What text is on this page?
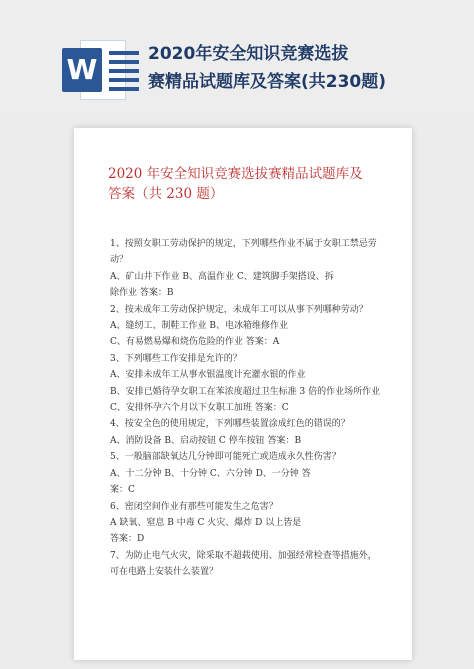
W	2020年安全知识竞赛选拔
赛精品试题库及答案(共230题)
2020 年安全知识竞赛选拔赛精品试题库及
答案（共 230 题）

1、按照女职工劳动保护的规定，下列哪些作业不属于女职工禁忌劳

动？

A、矿山井下作业 B、高温作业 C、建筑脚手架搭设、拆

除作业 答案：B

2、按未成年工劳动保护规定，未成年工可以从事下列哪种劳动？

A、缝纫工、制鞋工作业 B、电冰箱维修作业

C、有易燃易爆和烧伤危险的作业 答案：A

3、下列哪些工作安排是允许的？

A、安排未成年工从事水银温度计充灌水银的作业

B、安排已婚待孕女职工在苯浓度超过卫生标准 3 倍的作业场所作业

C、安排怀孕六个月以下女职工加班 答案：C

4、按安全色的使用规定，下列哪些装置涂成红色的错误的？

A、消防设备 B、启动按钮 C 停车按钮 答案：B

5、一般脑部缺氧达几分钟即可能死亡或造成永久性伤害？

A、十二分钟 B、十分钟 C、六分钟 D、一分钟 答

案：C

6、密闭空间作业有那些可能发生之危害？

A 缺氧、窒息 B 中毒 C 火灾、爆炸 D 以上皆是

答案：D

7、为防止电气火灾，除采取不超载使用、加强经常检查等措施外，

可在电路上安装什么装置？
